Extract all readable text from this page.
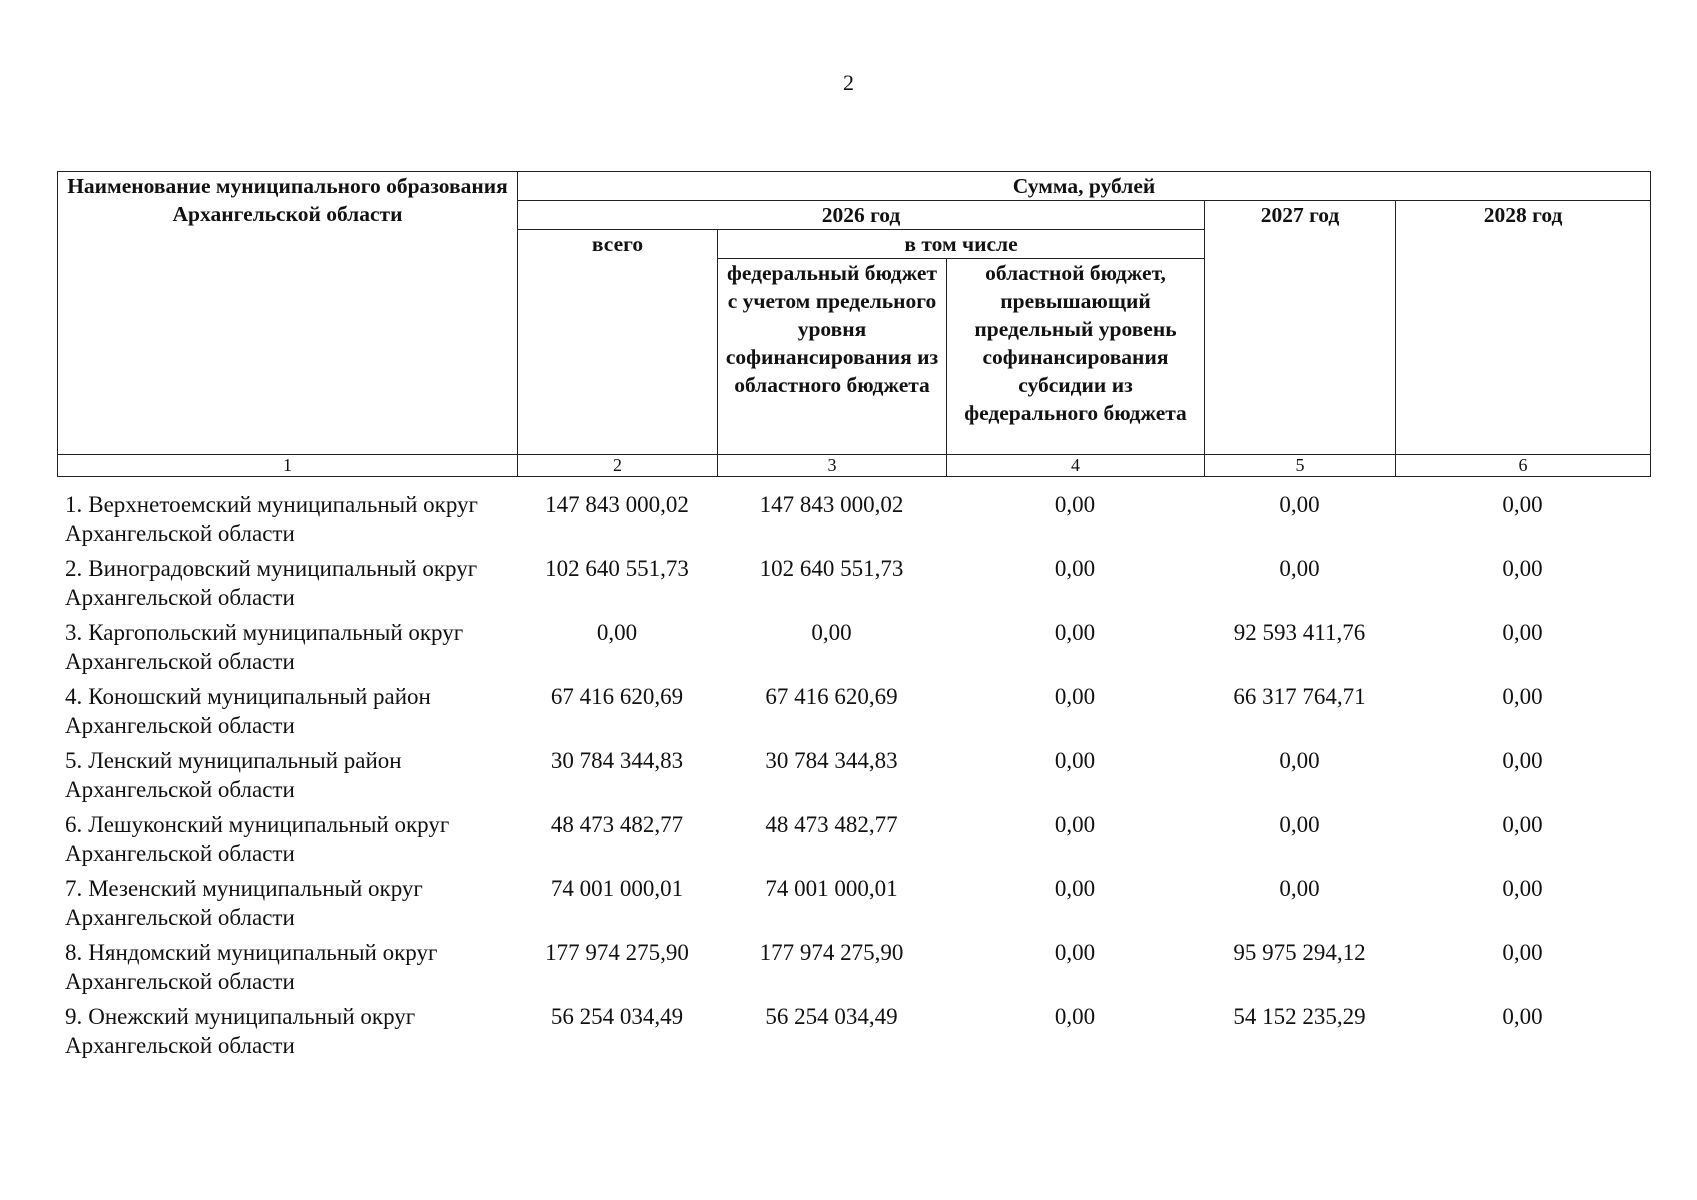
2
Наименование муниципального образования Архангельской области	Сумма, рублей				
	2026 год			2027 год	2028 год
	всего	в том числе			
		федеральный бюджет с учетом предельного уровня софинансирования из областного бюджета	областной бюджет, превышающий предельный уровень софинансирования субсидии из федерального бюджета		
1	2	3	4	5	6
1. Верхнетоемский муниципальный округ
Архангельской области	147 843 000,02	147 843 000,02	0,00	0,00	0,00
2. Виноградовский муниципальный округ
Архангельской области	102 640 551,73	102 640 551,73	0,00	0,00	0,00
3. Каргопольский муниципальный округ
Архангельской области	0,00	0,00	0,00	92 593 411,76	0,00
4. Коношский муниципальный район
Архангельской области	67 416 620,69	67 416 620,69	0,00	66 317 764,71	0,00
5. Ленский муниципальный район
Архангельской области	30 784 344,83	30 784 344,83	0,00	0,00	0,00
6. Лешуконский муниципальный округ
Архангельской области	48 473 482,77	48 473 482,77	0,00	0,00	0,00
7. Мезенский муниципальный округ
Архангельской области	74 001 000,01	74 001 000,01	0,00	0,00	0,00
8. Няндомский муниципальный округ
Архангельской области	177 974 275,90	177 974 275,90	0,00	95 975 294,12	0,00
9. Онежский муниципальный округ
Архангельской области	56 254 034,49	56 254 034,49	0,00	54 152 235,29	0,00
